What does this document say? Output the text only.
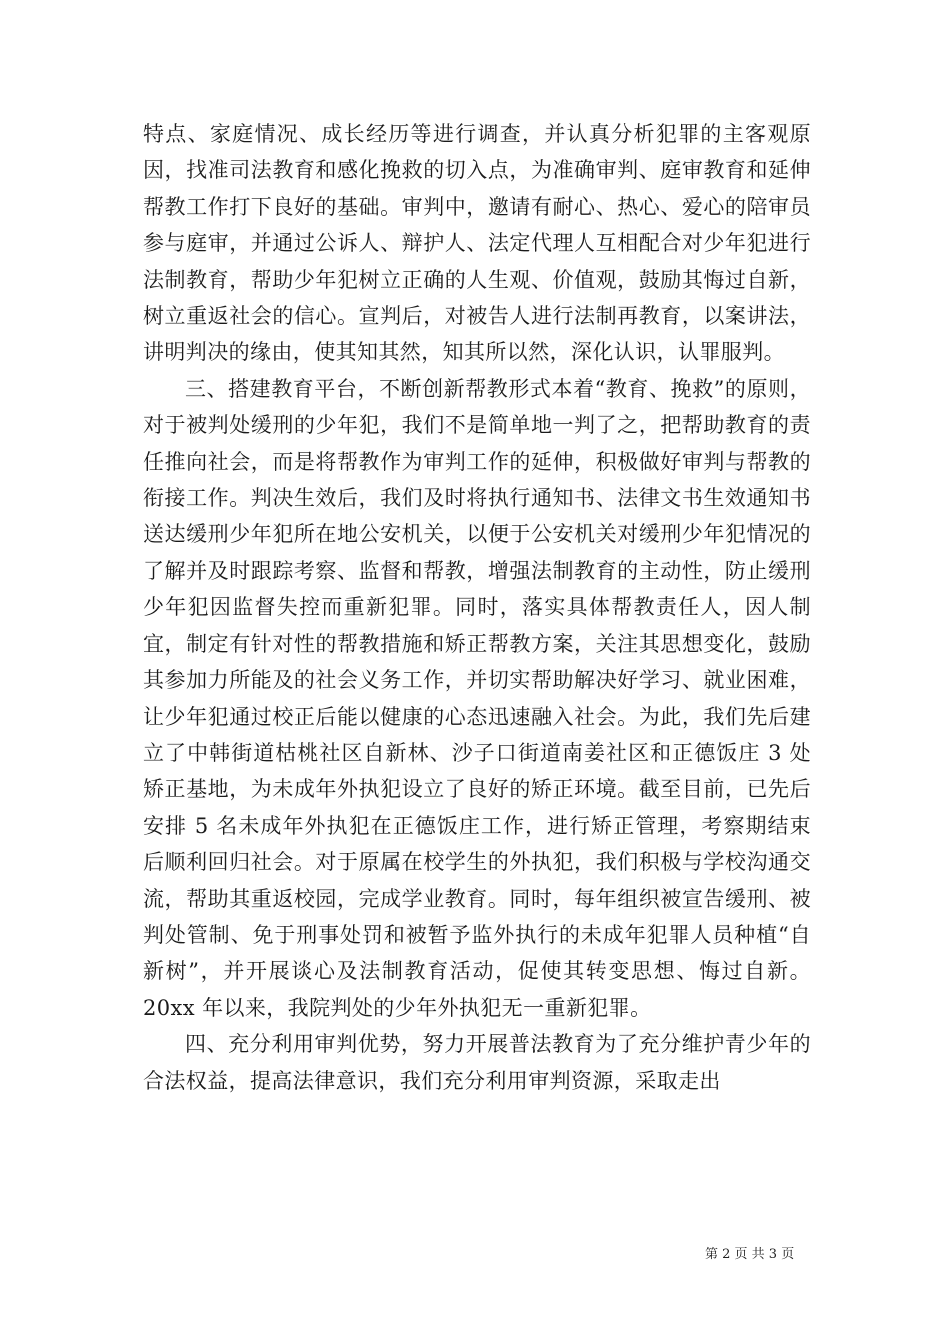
特点、家庭情况、成长经历等进行调查，并认真分析犯罪的主客观原因，找准司法教育和感化挽救的切入点，为准确审判、庭审教育和延伸帮教工作打下良好的基础。审判中，邀请有耐心、热心、爱心的陪审员参与庭审，并通过公诉人、辩护人、法定代理人互相配合对少年犯进行法制教育，帮助少年犯树立正确的人生观、价值观，鼓励其悔过自新，树立重返社会的信心。宣判后，对被告人进行法制再教育，以案讲法，讲明判决的缘由，使其知其然，知其所以然，深化认识，认罪服判。

三、搭建教育平台，不断创新帮教形式本着“教育、挽救”的原则，对于被判处缓刑的少年犯，我们不是简单地一判了之，把帮助教育的责任推向社会，而是将帮教作为审判工作的延伸，积极做好审判与帮教的衔接工作。判决生效后，我们及时将执行通知书、法律文书生效通知书送达缓刑少年犯所在地公安机关，以便于公安机关对缓刑少年犯情况的了解并及时跟踪考察、监督和帮教，增强法制教育的主动性，防止缓刑少年犯因监督失控而重新犯罪。同时，落实具体帮教责任人，因人制宜，制定有针对性的帮教措施和矫正帮教方案，关注其思想变化，鼓励其参加力所能及的社会义务工作，并切实帮助解决好学习、就业困难，让少年犯通过校正后能以健康的心态迅速融入社会。为此，我们先后建立了中韩街道枯桃社区自新林、沙子口街道南姜社区和正德饭庄 3 处矫正基地，为未成年外执犯设立了良好的矫正环境。截至目前，已先后安排 5 名未成年外执犯在正德饭庄工作，进行矫正管理，考察期结束后顺利回归社会。对于原属在校学生的外执犯，我们积极与学校沟通交流，帮助其重返校园，完成学业教育。同时，每年组织被宣告缓刑、被判处管制、免于刑事处罚和被暂予监外执行的未成年犯罪人员种植“自新树”，并开展谈心及法制教育活动，促使其转变思想、悔过自新。20xx 年以来，我院判处的少年外执犯无一重新犯罪。

四、充分利用审判优势，努力开展普法教育为了充分维护青少年的合法权益，提高法律意识，我们充分利用审判资源，采取走出

第 2 页 共 3 页
